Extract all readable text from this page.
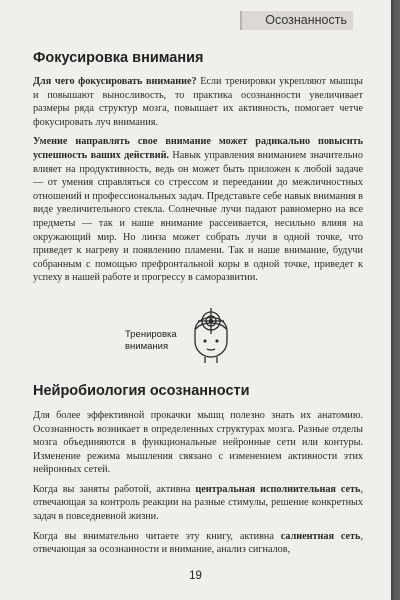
Осознанность
Фокусировка внимания

Для чего фокусировать внимание? Если тренировки укрепляют мышцы и повышают выносливость, то практика осознанности увеличивает размеры ряда структур мозга, повышает их активность, помогает четче фокусировать луч внимания.

Умение направлять свое внимание может радикально повысить успешность ваших действий. Навык управления вниманием значительно влияет на продуктивность, ведь он может быть приложен к любой задаче — от умения справляться со стрессом и переедании до межличностных отношений и профессиональных задач. Представьте себе навык внимания в виде увеличительного стекла. Солнечные лучи падают равномерно на все предметы — так и наше внимание рассеивается, несильно влияя на окружающий мир. Но линза может собрать лучи в одной точке, что приведет к нагреву и появлению пламени. Так и наше внимание, будучи собранным с помощью префронтальной коры в одной точке, приведет к успеху в нашей работе и прогрессу в саморазвитии.

Тренировка
внимания
Нейробиология осознанности

Для более эффективной прокачки мышц полезно знать их анатомию. Осознанность возникает в определенных структурах мозга. Разные отделы мозга объединяются в функциональные нейронные сети или контуры. Изменение режима мышления связано с изменением активности этих нейронных сетей.

Когда вы заняты работой, активна центральная исполнительная сеть, отвечающая за контроль реакции на разные стимулы, решение конкретных задач в повседневной жизни.

Когда вы внимательно читаете эту книгу, активна салиентная сеть, отвечающая за осознанности и внимание, анализ сигналов,

19
